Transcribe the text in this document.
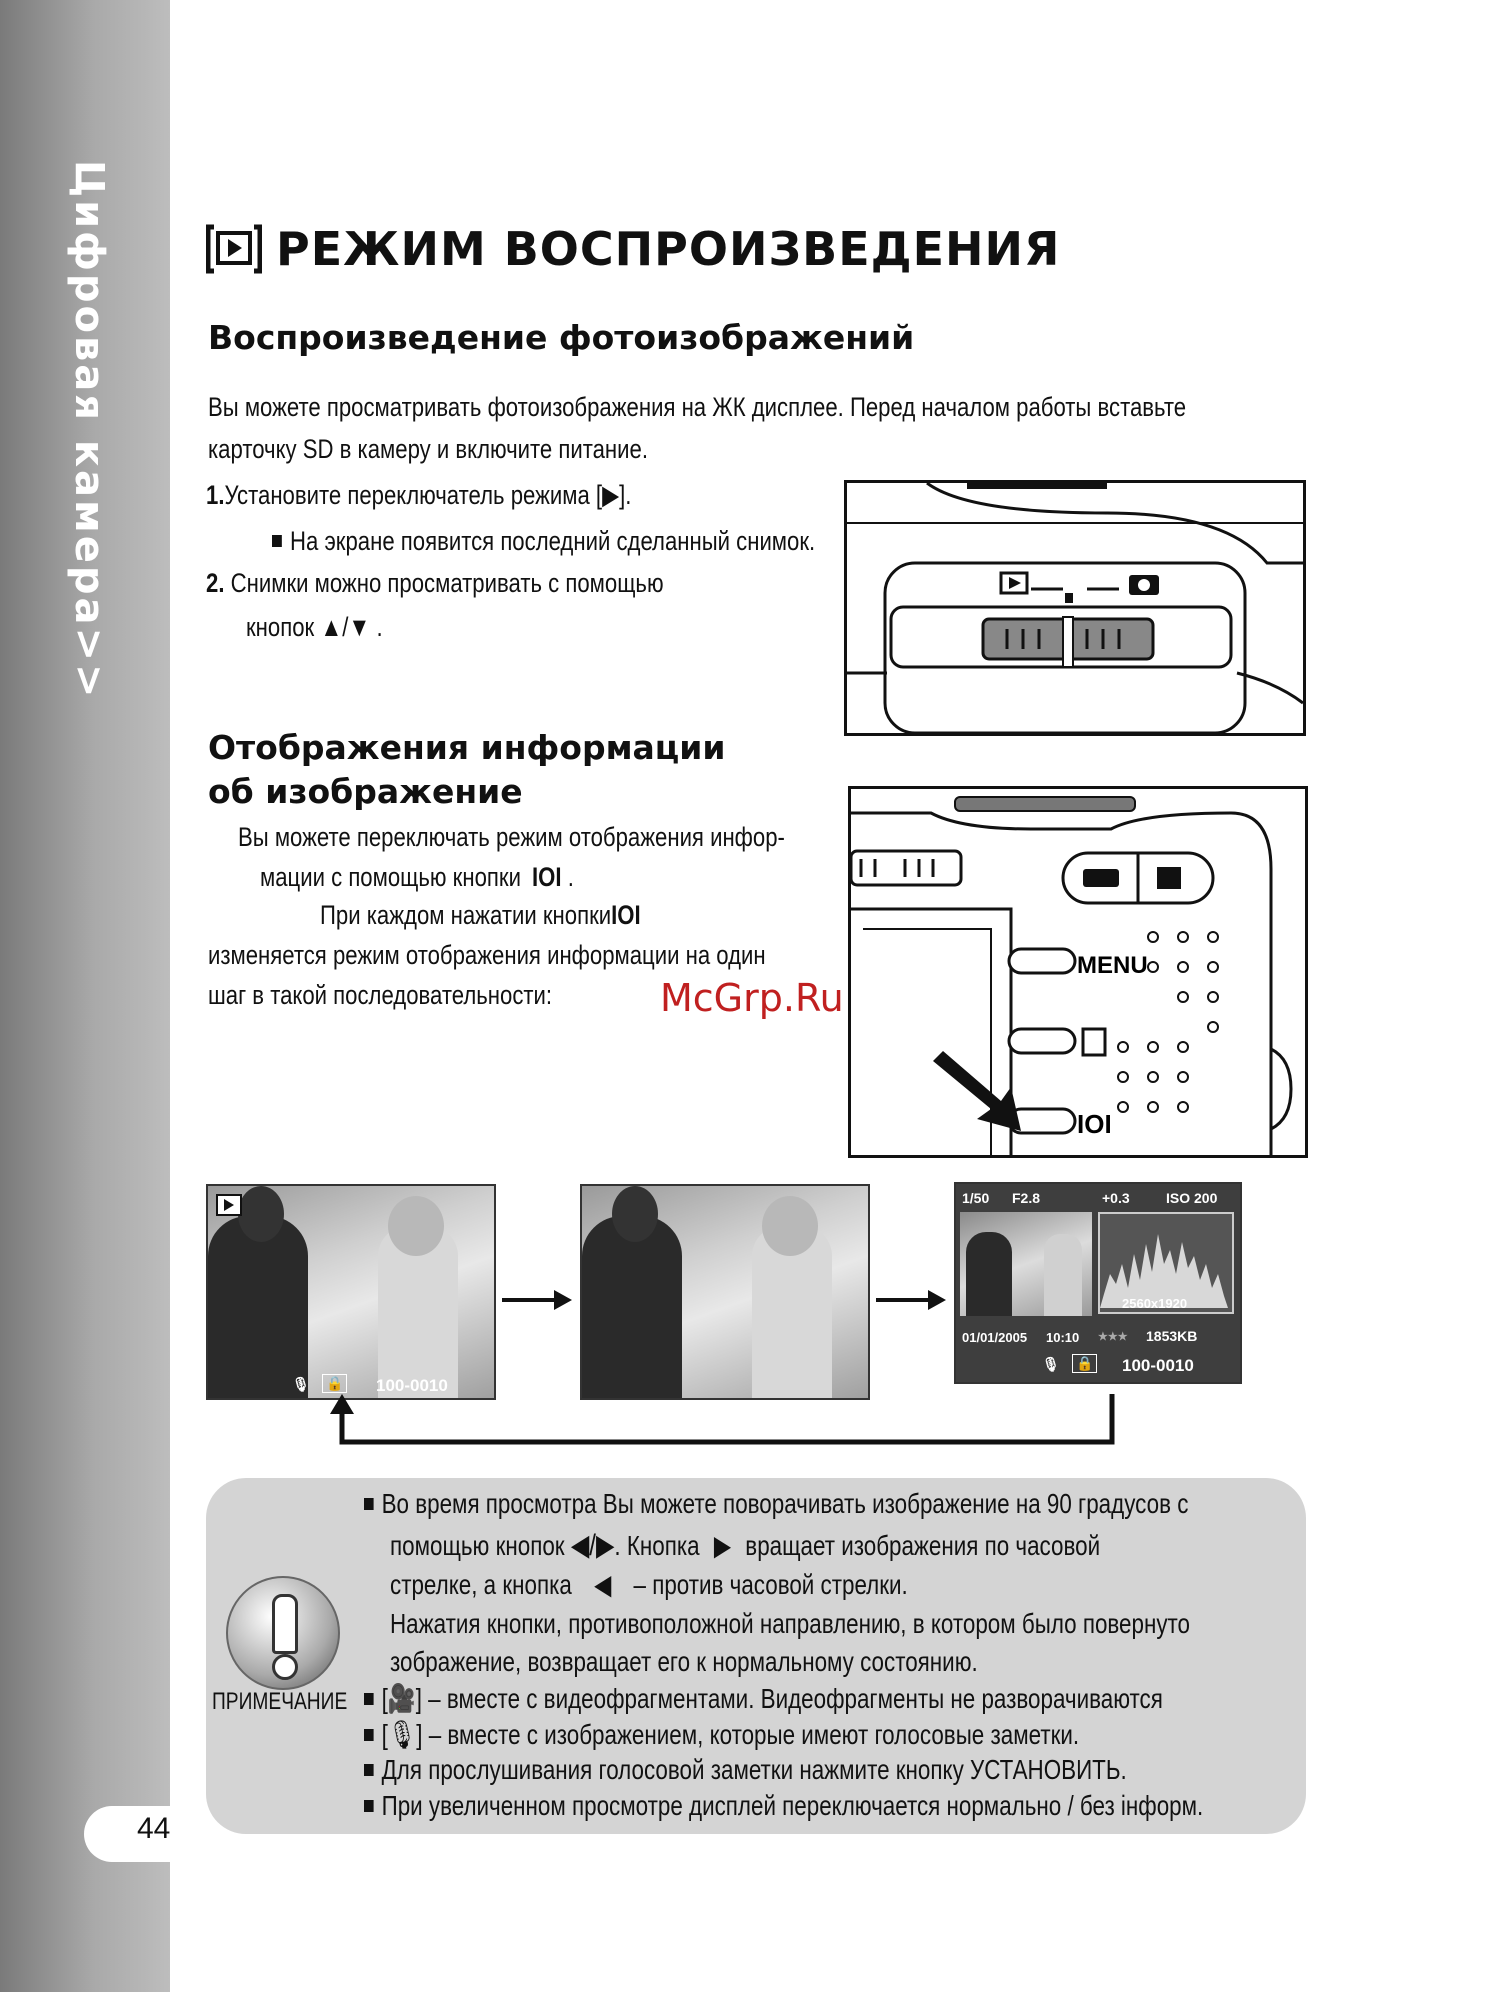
Цифровая камера>>
44
РЕЖИМ ВОСПРОИЗВЕДЕНИЯ
Воспроизведение фотоизображений
Вы можете просматривать фотоизображения на ЖК дисплее. Перед началом работы вставьте
карточку SD в камеру и включите питание.
1.Установите переключатель режима [▶].
На экране появится последний сделанный снимок.
2. Снимки можно просматривать с помощью
кнопок ▲/▼ .
Отображения информации
об изображение
Вы можете переключать режим отображения инфор-
мации с помощью кнопки IOI .
При каждом нажатии кнопкиIOI
изменяется режим отображения информации на один
шаг в такой последовательности:	McGrp.Ru
MENU
IOI
🎙 🔒 100-0010
1/50 F2.8	+0.3	ISO 200
2560x1920
01/01/2005 10:10 ★★★ 1853KB
🎙 🔒 100-0010
ПРИМЕЧАНИЕ
Во время просмотра Вы можете поворачивать изображение на 90 градусов с
помощью кнопок ◀/▶. Кнопка ▶ вращает изображения по часовой
стрелке, а кнопка ◀ – против часовой стрелки.
Нажатия кнопки, противоположной направлению, в котором было повернуто
зображение, возвращает его к нормальному состоянию.
[🎥] – вместе с видеофрагментами. Видеофрагменты не разворачиваются
[🎙] – вместе с изображением, которые имеют голосовые заметки.
Для прослушивания голосовой заметки нажмите кнопку УСТАНОВИТЬ.
При увеличенном просмотре дисплей переключается нормально / без інформ.
